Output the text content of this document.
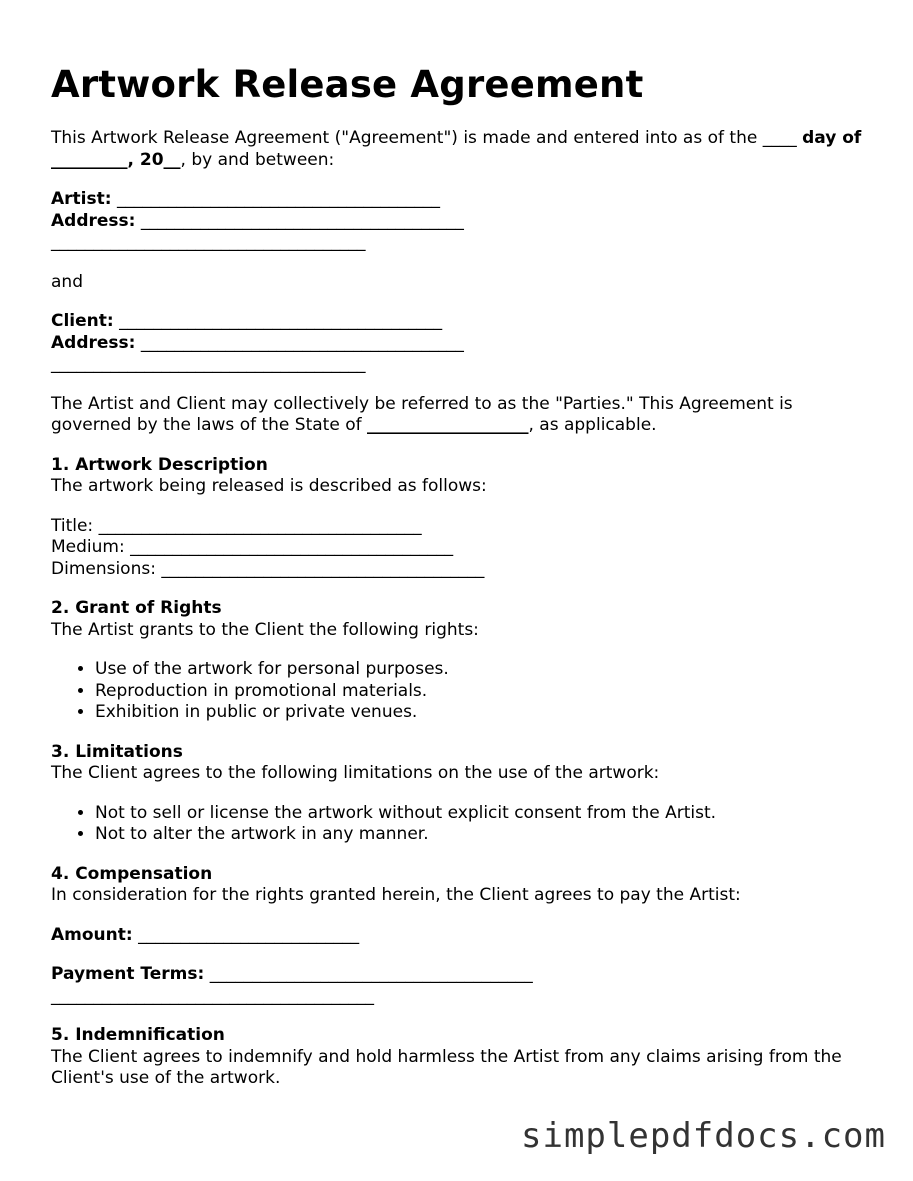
Artwork Release Agreement

This Artwork Release Agreement ("Agreement") is made and entered into as of the ____ day of _________, 20__, by and between:

Artist: ______________________________________
Address: ______________________________________
_____________________________________

and

Client: ______________________________________
Address: ______________________________________
_____________________________________

The Artist and Client may collectively be referred to as the "Parties." This Agreement is governed by the laws of the State of ___________________, as applicable.

1. Artwork Description

The artwork being released is described as follows:

Title: ______________________________________
Medium: ______________________________________
Dimensions: ______________________________________

2. Grant of Rights

The Artist grants to the Client the following rights:

• Use of the artwork for personal purposes.
• Reproduction in promotional materials.
• Exhibition in public or private venues.
3. Limitations

The Client agrees to the following limitations on the use of the artwork:

• Not to sell or license the artwork without explicit consent from the Artist.
• Not to alter the artwork in any manner.
4. Compensation

In consideration for the rights granted herein, the Client agrees to pay the Artist:

Amount: __________________________

Payment Terms: ______________________________________
______________________________________

5. Indemnification

The Client agrees to indemnify and hold harmless the Artist from any claims arising from the Client's use of the artwork.

simplepdfdocs.com
